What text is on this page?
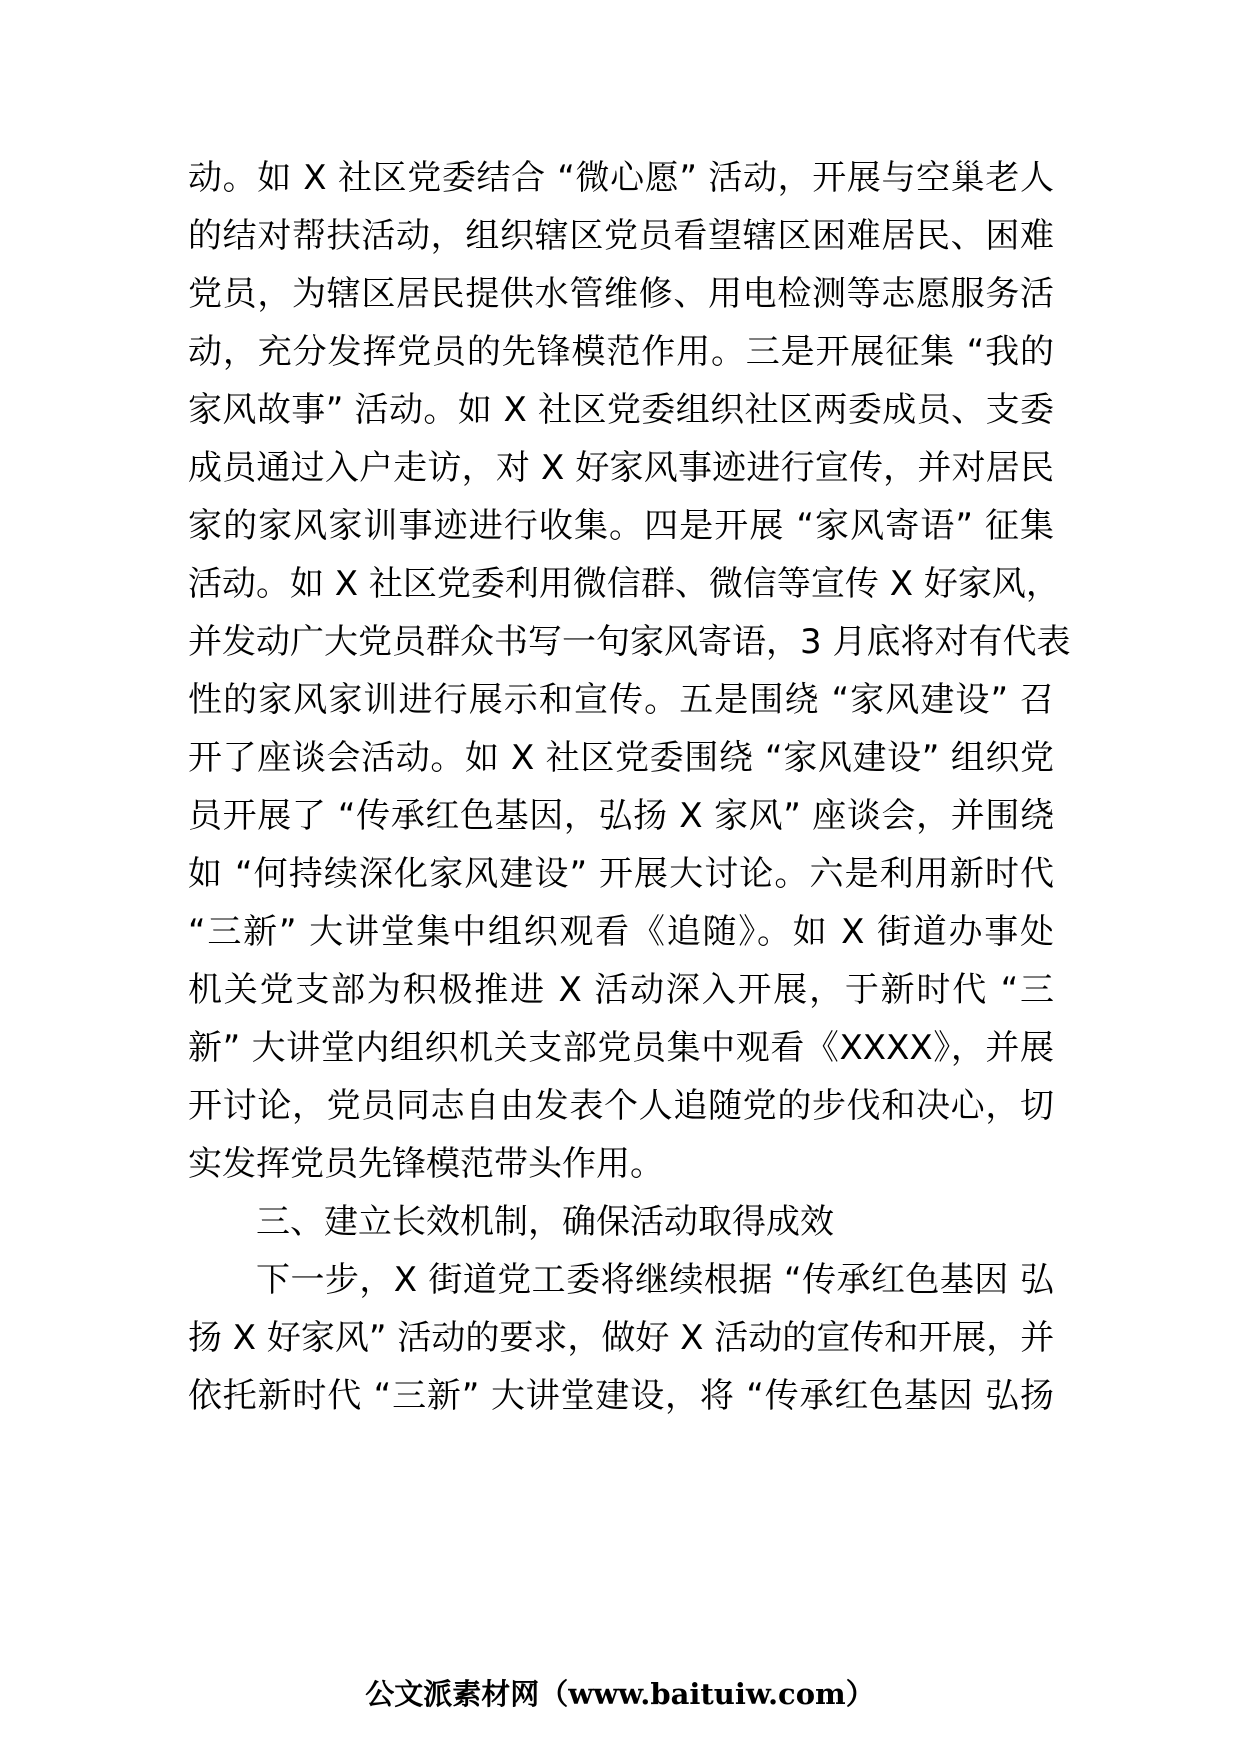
动。如 X 社区党委结合 “微心愿” 活动，开展与空巢老人
的结对帮扶活动，组织辖区党员看望辖区困难居民、困难
党员，为辖区居民提供水管维修、用电检测等志愿服务活
动，充分发挥党员的先锋模范作用。三是开展征集 “我的
家风故事” 活动。如 X 社区党委组织社区两委成员、支委
成员通过入户走访，对 X 好家风事迹进行宣传，并对居民
家的家风家训事迹进行收集。四是开展 “家风寄语” 征集
活动。如 X 社区党委利用微信群、微信等宣传 X 好家风，
并发动广大党员群众书写一句家风寄语，3 月底将对有代表
性的家风家训进行展示和宣传。五是围绕 “家风建设” 召
开了座谈会活动。如 X 社区党委围绕 “家风建设” 组织党
员开展了 “传承红色基因，弘扬 X 家风” 座谈会，并围绕
如 “何持续深化家风建设” 开展大讨论。六是利用新时代
“三新” 大讲堂集中组织观看《追随》。如 X 街道办事处
机关党支部为积极推进 X 活动深入开展，于新时代 “三
新” 大讲堂内组织机关支部党员集中观看《XXXX》，并展
开讨论，党员同志自由发表个人追随党的步伐和决心，切
实发挥党员先锋模范带头作用。
三、建立长效机制，确保活动取得成效
下一步，X 街道党工委将继续根据 “传承红色基因 弘
扬 X 好家风” 活动的要求，做好 X 活动的宣传和开展，并
依托新时代 “三新” 大讲堂建设，将 “传承红色基因 弘扬
公文派素材网（www.baituiw.com）
